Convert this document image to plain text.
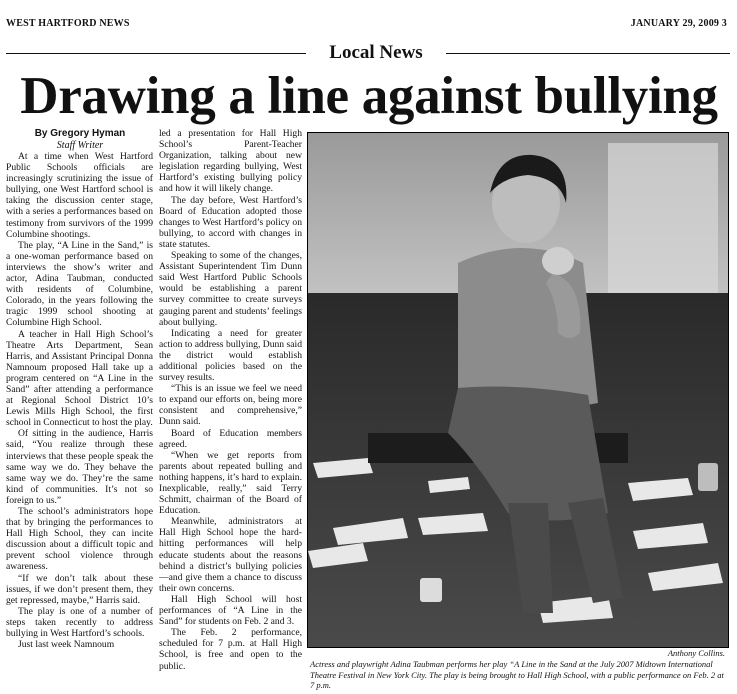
WEST HARTFORD NEWS	JANUARY 29, 2009 3
Local News
Drawing a line against bullying
By Gregory Hyman
Staff Writer

At a time when West Hartford Public Schools officials are increasingly scrutinizing the issue of bullying, one West Hartford school is taking the discussion center stage, with a series a performances based on testimony from survivors of the 1999 Columbine shootings.

The play, “A Line in the Sand,” is a one-woman performance based on interviews the show’s writer and actor, Adina Taubman, conducted with residents of Columbine, Colorado, in the years following the tragic 1999 school shooting at Columbine High School.

A teacher in Hall High School’s Theatre Arts Department, Sean Harris, and Assistant Principal Donna Namnoum proposed Hall take up a program centered on “A Line in the Sand” after attending a performance at Regional School District 10’s Lewis Mills High School, the first school in Connecticut to host the play.

Of sitting in the audience, Harris said, “You realize through these interviews that these people speak the same way we do. They behave the same way we do. They’re the same kind of communities. It’s not so foreign to us.”

The school’s administrators hope that by bringing the performances to Hall High School, they can incite discussion about a difficult topic and prevent school violence through awareness.

“If we don’t talk about these issues, if we don’t present them, they get repressed, maybe,” Harris said.

The play is one of a number of steps taken recently to address bullying in West Hartford’s schools.

Just last week Namnoum

led a presentation for Hall High School’s Parent-Teacher Organization, talking about new legislation regarding bullying, West Hartford’s existing bullying policy and how it will likely change.

The day before, West Hartford’s Board of Education adopted those changes to West Hartford’s policy on bullying, to accord with changes in state statutes.

Speaking to some of the changes, Assistant Superintendent Tim Dunn said West Hartford Public Schools would be establishing a parent survey committee to create surveys gauging parent and students’ feelings about bullying.

Indicating a need for greater action to address bullying, Dunn said the district would establish additional policies based on the survey results.

“This is an issue we feel we need to expand our efforts on, being more consistent and comprehensive,” Dunn said.

Board of Education members agreed.

“When we get reports from parents about repeated bulling and nothing happens, it’s hard to explain. Inexplicable, really,” said Terry Schmitt, chairman of the Board of Education.

Meanwhile, administrators at Hall High School hope the hard-hitting performances will help educate students about the reasons behind a district’s bullying policies—and give them a chance to discuss their own concerns.

Hall High School will host performances of “A Line in the Sand” for students on Feb. 2 and 3.

The Feb. 2 performance, scheduled for 7 p.m. at Hall High School, is free and open to the public.

Anthony Collins.
Actress and playwright Adina Taubman performs her play “A Line in the Sand at the July 2007 Midtown International Theatre Festival in New York City. The play is being brought to Hall High School, with a public performance on Feb. 2 at 7 p.m.
